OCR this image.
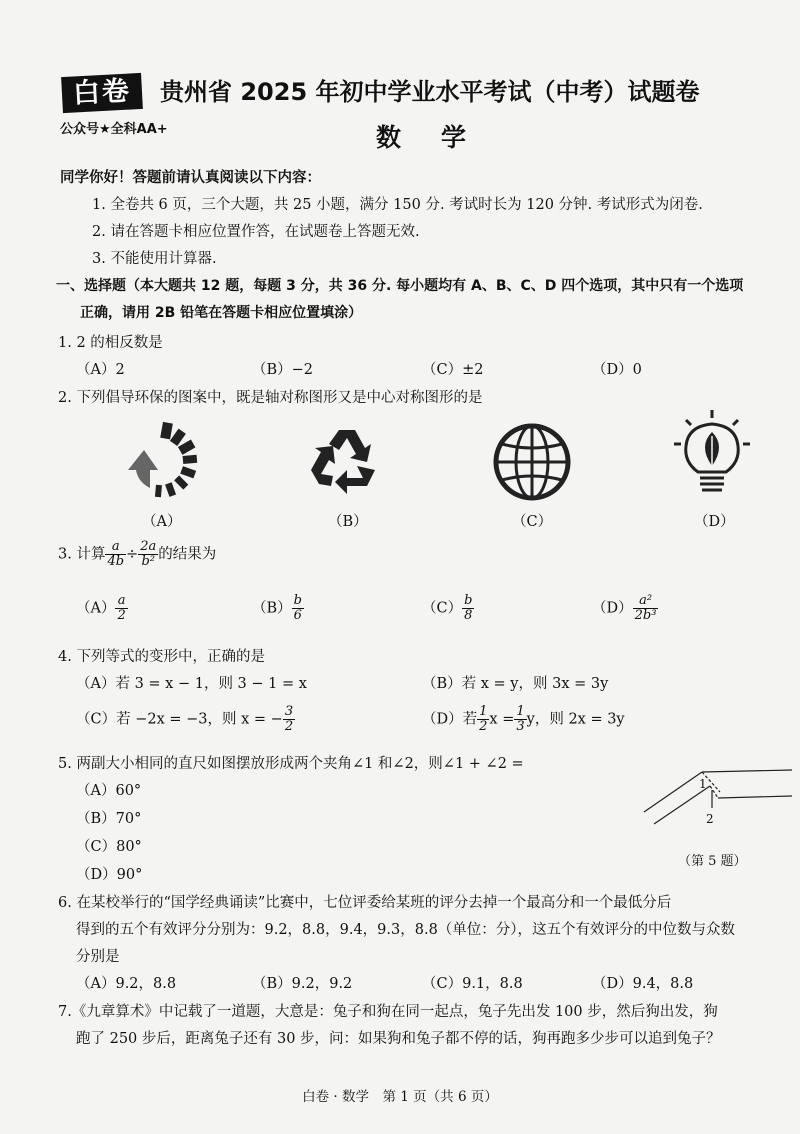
白卷	贵州省 2025 年初中学业水平考试（中考）试题卷
公众号★全科AA+	数学
同学你好！答题前请认真阅读以下内容：
1. 全卷共 6 页，三个大题，共 25 小题，满分 150 分. 考试时长为 120 分钟. 考试形式为闭卷.
2. 请在答题卡相应位置作答，在试题卷上答题无效.
3. 不能使用计算器.
一、选择题（本大题共 12 题，每题 3 分，共 36 分. 每小题均有 A、B、C、D 四个选项，其中只有一个选项
正确，请用 2B 铅笔在答题卡相应位置填涂）
1. 2 的相反数是
（A）2	（B）−2	（C）±2	（D）0
2. 下列倡导环保的图案中，既是轴对称图形又是中心对称图形的是
（A）	（B）	（C）	（D）
3. 计算 $\frac{a}{4b} \div \frac{2a}{\text{b²}}$ 的结果为
$(A) \frac{a}{2}$	$(B) \frac{b}{6}$	$(C) \frac{b}{8}$	$(D) \frac{\text{a²}}{\text{2b³}}$
4. 下列等式的变形中，正确的是
（A）若 3 = x − 1，则 3 − 1 = x	（B）若 x = y，则 3x = 3y
（C）若 −2x = −3，则 x = − $\frac{3}{2}$	（D）若 $\frac{1}{2}$ $x = \frac{1}{3}$ y，则 2x = 3y
5. 两副大小相同的直尺如图摆放形成两个夹角∠1 和∠2，则∠1 + ∠2 =
（A）60°
（B）70°
（C）80°
（D）90°
1
2
（第 5 题）
6. 在某校举行的“国学经典诵读”比赛中，七位评委给某班的评分去掉一个最高分和一个最低分后
得到的五个有效评分分别为：9.2，8.8，9.4，9.3，8.8（单位：分），这五个有效评分的中位数与众数
分别是
（A）9.2，8.8	（B）9.2，9.2	（C）9.1，8.8	（D）9.4，8.8
7.《九章算术》中记载了一道题，大意是：兔子和狗在同一起点，兔子先出发 100 步，然后狗出发，狗
跑了 250 步后，距离兔子还有 30 步，问：如果狗和兔子都不停的话，狗再跑多少步可以追到兔子？
白卷 · 数学　第 1 页（共 6 页）
